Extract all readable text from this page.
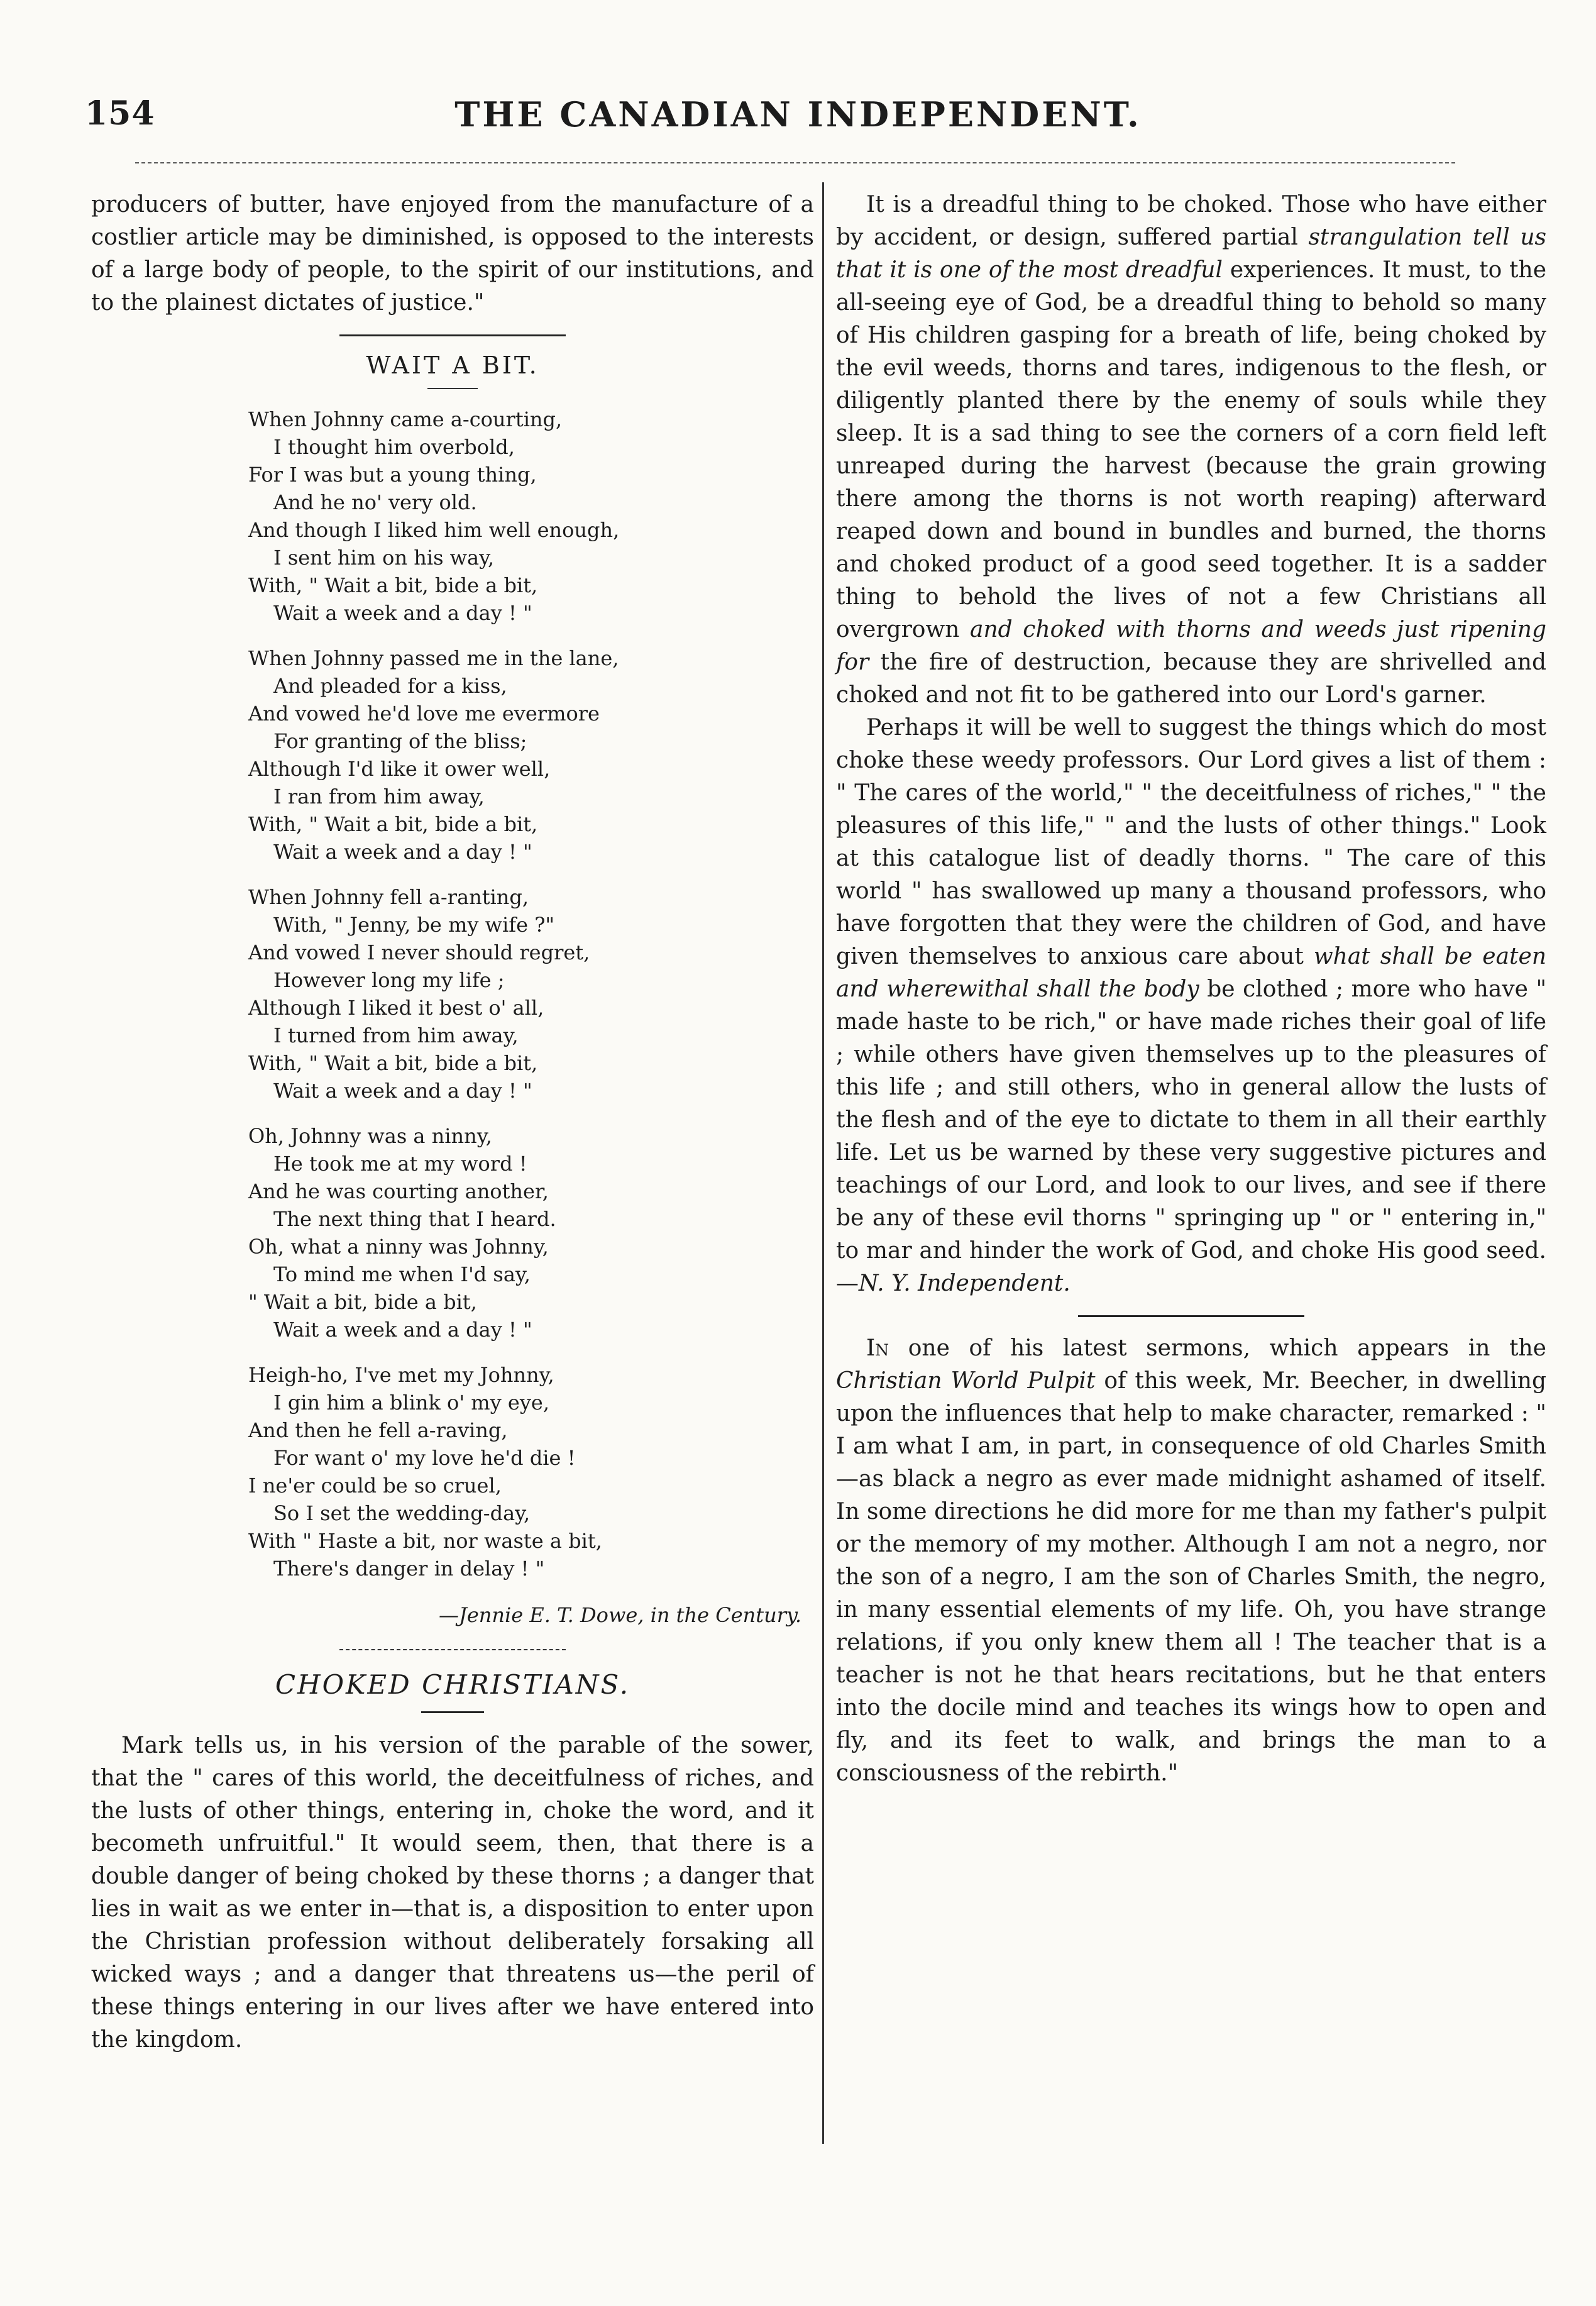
154	THE CANADIAN INDEPENDENT.

producers of butter, have enjoyed from the manufacture of a costlier article may be diminished, is opposed to the interests of a large body of people, to the spirit of our institutions, and to the plainest dictates of justice."

WAIT A BIT.

When Johnny came a-courting,
I thought him overbold,
For I was but a young thing,
And he no' very old.
And though I liked him well enough,
I sent him on his way,
With, " Wait a bit, bide a bit,
Wait a week and a day ! "
When Johnny passed me in the lane,
And pleaded for a kiss,
And vowed he'd love me evermore
For granting of the bliss;
Although I'd like it ower well,
I ran from him away,
With, " Wait a bit, bide a bit,
Wait a week and a day ! "
When Johnny fell a-ranting,
With, " Jenny, be my wife ?"
And vowed I never should regret,
However long my life ;
Although I liked it best o' all,
I turned from him away,
With, " Wait a bit, bide a bit,
Wait a week and a day ! "
Oh, Johnny was a ninny,
He took me at my word !
And he was courting another,
The next thing that I heard.
Oh, what a ninny was Johnny,
To mind me when I'd say,
" Wait a bit, bide a bit,
Wait a week and a day ! "
Heigh-ho, I've met my Johnny,
I gin him a blink o' my eye,
And then he fell a-raving,
For want o' my love he'd die !
I ne'er could be so cruel,
So I set the wedding-day,
With " Haste a bit, nor waste a bit,
There's danger in delay ! "
—Jennie E. T. Dowe, in the Century.

CHOKED CHRISTIANS.

Mark tells us, in his version of the parable of the sower, that the " cares of this world, the deceitfulness of riches, and the lusts of other things, entering in, choke the word, and it becometh unfruitful." It would seem, then, that there is a double danger of being choked by these thorns ; a danger that lies in wait as we enter in—that is, a disposition to enter upon the Christian profession without deliberately forsaking all wicked ways ; and a danger that threatens us—the peril of these things entering in our lives after we have entered into the kingdom.

It is a dreadful thing to be choked. Those who have either by accident, or design, suffered partial strangulation tell us that it is one of the most dreadful experiences. It must, to the all-seeing eye of God, be a dreadful thing to behold so many of His children gasping for a breath of life, being choked by the evil weeds, thorns and tares, indigenous to the flesh, or diligently planted there by the enemy of souls while they sleep. It is a sad thing to see the corners of a corn field left unreaped during the harvest (because the grain growing there among the thorns is not worth reaping) afterward reaped down and bound in bundles and burned, the thorns and choked product of a good seed together. It is a sadder thing to behold the lives of not a few Christians all overgrown and choked with thorns and weeds just ripening for the fire of destruction, because they are shrivelled and choked and not fit to be gathered into our Lord's garner.

Perhaps it will be well to suggest the things which do most choke these weedy professors. Our Lord gives a list of them : " The cares of the world," " the deceitfulness of riches," " the pleasures of this life," " and the lusts of other things." Look at this catalogue list of deadly thorns. " The care of this world " has swallowed up many a thousand professors, who have forgotten that they were the children of God, and have given themselves to anxious care about what shall be eaten and wherewithal shall the body be clothed ; more who have " made haste to be rich," or have made riches their goal of life ; while others have given themselves up to the pleasures of this life ; and still others, who in general allow the lusts of the flesh and of the eye to dictate to them in all their earthly life. Let us be warned by these very suggestive pictures and teachings of our Lord, and look to our lives, and see if there be any of these evil thorns " springing up " or " entering in," to mar and hinder the work of God, and choke His good seed.—N. Y. Independent.

In one of his latest sermons, which appears in the Christian World Pulpit of this week, Mr. Beecher, in dwelling upon the influences that help to make character, remarked : " I am what I am, in part, in consequence of old Charles Smith—as black a negro as ever made midnight ashamed of itself. In some directions he did more for me than my father's pulpit or the memory of my mother. Although I am not a negro, nor the son of a negro, I am the son of Charles Smith, the negro, in many essential elements of my life. Oh, you have strange relations, if you only knew them all ! The teacher that is a teacher is not he that hears recitations, but he that enters into the docile mind and teaches its wings how to open and fly, and its feet to walk, and brings the man to a consciousness of the rebirth."
